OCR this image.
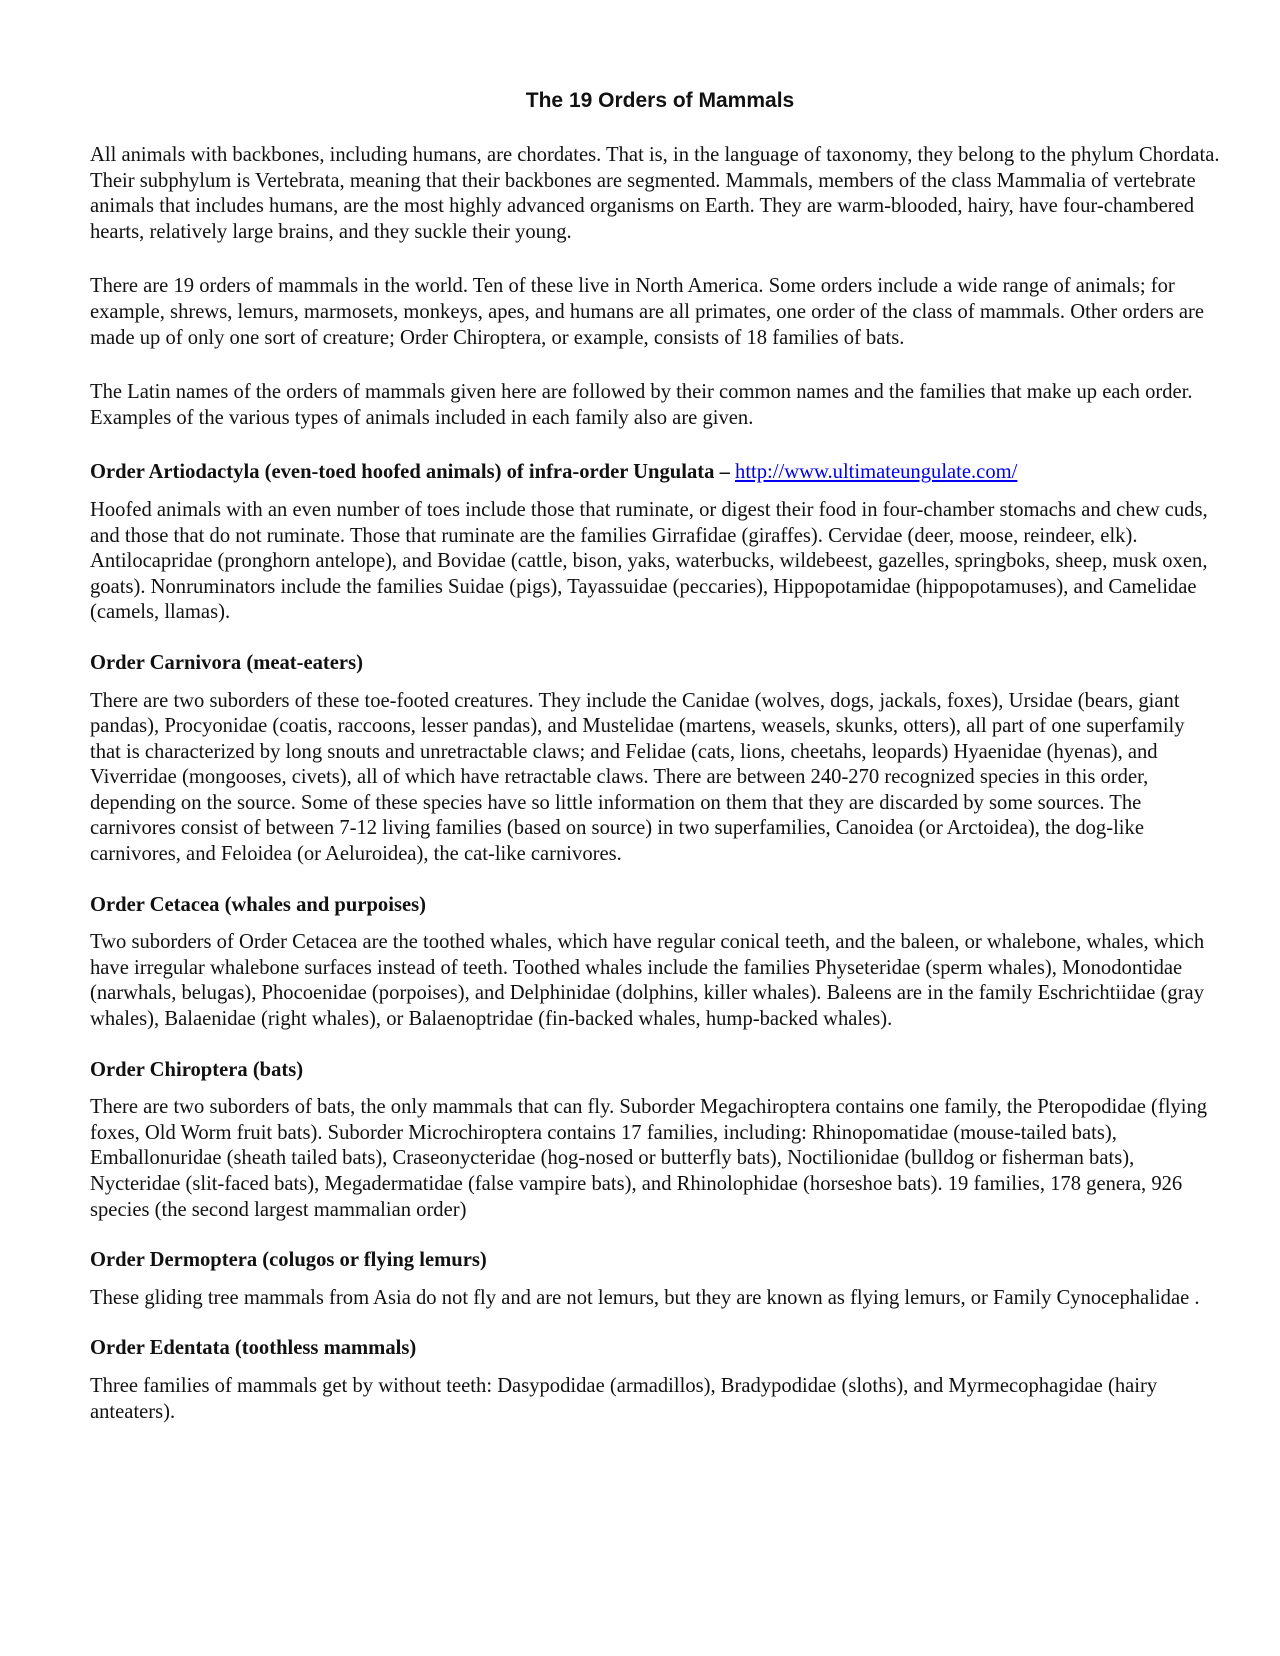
The 19 Orders of Mammals

All animals with backbones, including humans, are chordates. That is, in the language of taxonomy, they belong to the phylum Chordata. Their subphylum is Vertebrata, meaning that their backbones are segmented. Mammals, members of the class Mammalia of vertebrate animals that includes humans, are the most highly advanced organisms on Earth. They are warm-blooded, hairy, have four-chambered hearts, relatively large brains, and they suckle their young.

There are 19 orders of mammals in the world. Ten of these live in North America. Some orders include a wide range of animals; for example, shrews, lemurs, marmosets, monkeys, apes, and humans are all primates, one order of the class of mammals. Other orders are made up of only one sort of creature; Order Chiroptera, or example, consists of 18 families of bats.

The Latin names of the orders of mammals given here are followed by their common names and the families that make up each order. Examples of the various types of animals included in each family also are given.

Order Artiodactyla (even-toed hoofed animals) of infra-order Ungulata – http://www.ultimateungulate.com/

Hoofed animals with an even number of toes include those that ruminate, or digest their food in four-chamber stomachs and chew cuds, and those that do not ruminate. Those that ruminate are the families Girrafidae (giraffes). Cervidae (deer, moose, reindeer, elk). Antilocapridae (pronghorn antelope), and Bovidae (cattle, bison, yaks, waterbucks, wildebeest, gazelles, springboks, sheep, musk oxen, goats). Nonruminators include the families Suidae (pigs), Tayassuidae (peccaries), Hippopotamidae (hippopotamuses), and Camelidae (camels, llamas).

Order Carnivora (meat-eaters)

There are two suborders of these toe-footed creatures. They include the Canidae (wolves, dogs, jackals, foxes), Ursidae (bears, giant pandas), Procyonidae (coatis, raccoons, lesser pandas), and Mustelidae (martens, weasels, skunks, otters), all part of one superfamily that is characterized by long snouts and unretractable claws; and Felidae (cats, lions, cheetahs, leopards) Hyaenidae (hyenas), and Viverridae (mongooses, civets), all of which have retractable claws. There are between 240-270 recognized species in this order, depending on the source. Some of these species have so little information on them that they are discarded by some sources. The carnivores consist of between 7-12 living families (based on source) in two superfamilies, Canoidea (or Arctoidea), the dog-like carnivores, and Feloidea (or Aeluroidea), the cat-like carnivores.

Order Cetacea (whales and purpoises)

Two suborders of Order Cetacea are the toothed whales, which have regular conical teeth, and the baleen, or whalebone, whales, which have irregular whalebone surfaces instead of teeth. Toothed whales include the families Physeteridae (sperm whales), Monodontidae (narwhals, belugas), Phocoenidae (porpoises), and Delphinidae (dolphins, killer whales). Baleens are in the family Eschrichtiidae (gray whales), Balaenidae (right whales), or Balaenoptridae (fin-backed whales, hump-backed whales).

Order Chiroptera (bats)

There are two suborders of bats, the only mammals that can fly. Suborder Megachiroptera contains one family, the Pteropodidae (flying foxes, Old Worm fruit bats). Suborder Microchiroptera contains 17 families, including: Rhinopomatidae (mouse-tailed bats), Emballonuridae (sheath tailed bats), Craseonycteridae (hog-nosed or butterfly bats), Noctilionidae (bulldog or fisherman bats), Nycteridae (slit-faced bats), Megadermatidae (false vampire bats), and Rhinolophidae (horseshoe bats). 19 families, 178 genera, 926 species (the second largest mammalian order)

Order Dermoptera (colugos or flying lemurs)

These gliding tree mammals from Asia do not fly and are not lemurs, but they are known as flying lemurs, or Family Cynocephalidae .

Order Edentata (toothless mammals)

Three families of mammals get by without teeth: Dasypodidae (armadillos), Bradypodidae (sloths), and Myrmecophagidae (hairy anteaters).
